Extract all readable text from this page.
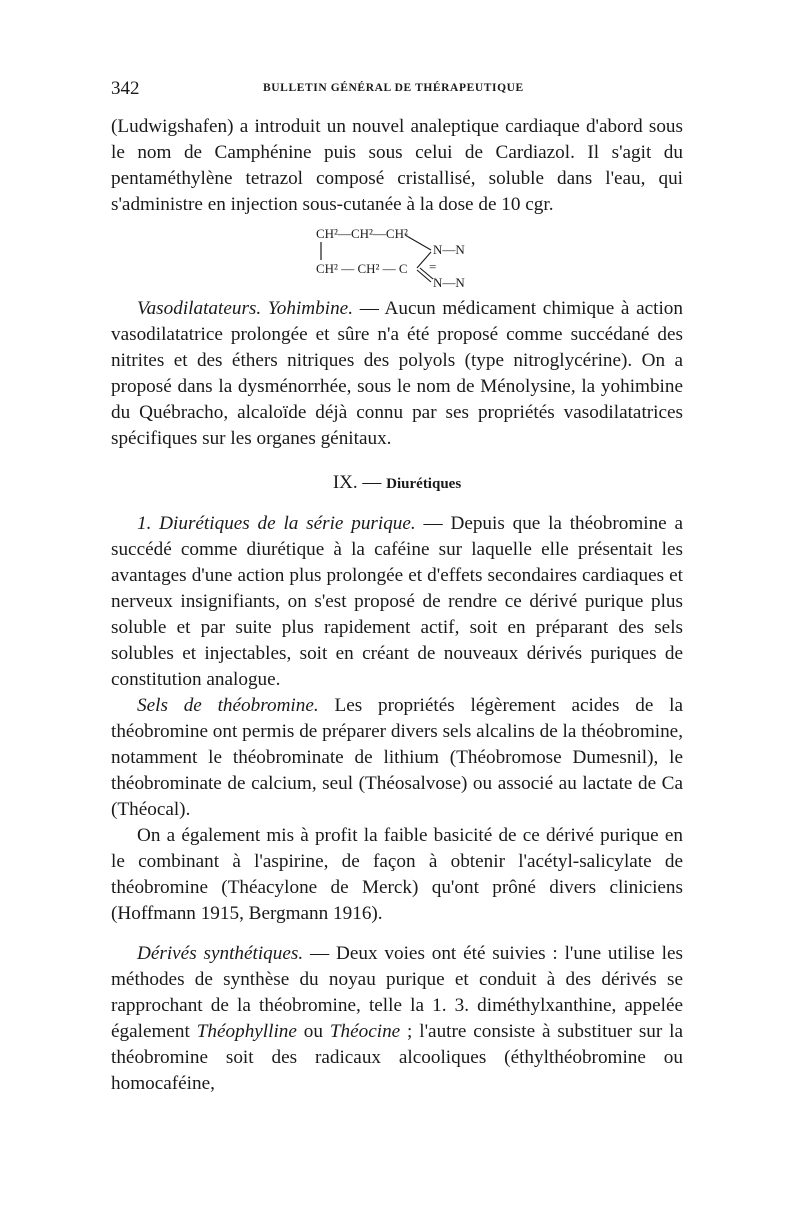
342	BULLETIN GÉNÉRAL DE THÉRAPEUTIQUE

(Ludwigshafen) a introduit un nouvel analeptique cardiaque d'abord sous le nom de Camphénine puis sous celui de Cardiazol. Il s'agit du pentaméthylène tetrazol composé cristallisé, soluble dans l'eau, qui s'administre en injection sous-cutanée à la dose de 10 cgr.

CH²—CH²—CH²
CH² — CH² — C
N—N
N—N
=

Vasodilatateurs. Yohimbine. — Aucun médicament chimique à action vasodilatatrice prolongée et sûre n'a été proposé comme succédané des nitrites et des éthers nitriques des polyols (type nitroglycérine). On a proposé dans la dysménorrhée, sous le nom de Ménolysine, la yohimbine du Québracho, alcaloïde déjà connu par ses propriétés vasodilatatrices spécifiques sur les organes génitaux.

IX. — Diurétiques

1. Diurétiques de la série purique. — Depuis que la théobromine a succédé comme diurétique à la caféine sur laquelle elle présentait les avantages d'une action plus prolongée et d'effets secondaires cardiaques et nerveux insignifiants, on s'est proposé de rendre ce dérivé purique plus soluble et par suite plus rapidement actif, soit en préparant des sels solubles et injectables, soit en créant de nouveaux dérivés puriques de constitution analogue.

Sels de théobromine. Les propriétés légèrement acides de la théobromine ont permis de préparer divers sels alcalins de la théobromine, notamment le théobrominate de lithium (Théobromose Dumesnil), le théobrominate de calcium, seul (Théosalvose) ou associé au lactate de Ca (Théocal).

On a également mis à profit la faible basicité de ce dérivé purique en le combinant à l'aspirine, de façon à obtenir l'acétyl-salicylate de théobromine (Théacylone de Merck) qu'ont prôné divers cliniciens (Hoffmann 1915, Bergmann 1916).

Dérivés synthétiques. — Deux voies ont été suivies : l'une utilise les méthodes de synthèse du noyau purique et conduit à des dérivés se rapprochant de la théobromine, telle la 1. 3. diméthylxanthine, appelée également Théophylline ou Théocine ; l'autre consiste à substituer sur la théobromine soit des radicaux alcooliques (éthylthéobromine ou homocaféine,
